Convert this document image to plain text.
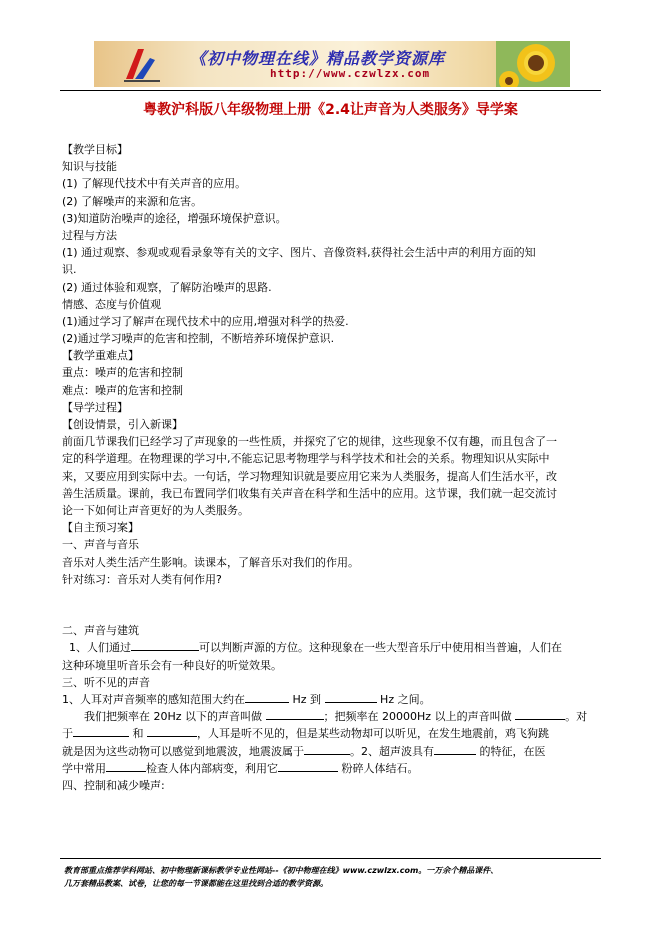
《初中物理在线》精品教学资源库
http://www.czwlzx.com
粤教沪科版八年级物理上册《2.4让声音为人类服务》导学案
【教学目标】
知识与技能
(1) 了解现代技术中有关声音的应用。
(2) 了解噪声的来源和危害。
(3)知道防治噪声的途径，增强环境保护意识。
过程与方法
(1) 通过观察、参观或观看录象等有关的文字、图片、音像资料,获得社会生活中声的利用方面的知
识.
(2) 通过体验和观察，了解防治噪声的思路.
情感、态度与价值观
(1)通过学习了解声在现代技术中的应用,增强对科学的热爱.
(2)通过学习噪声的危害和控制，不断培养环境保护意识.
【教学重难点】
重点：噪声的危害和控制
难点：噪声的危害和控制
【导学过程】
【创设情景，引入新课】
前面几节课我们已经学习了声现象的一些性质，并探究了它的规律，这些现象不仅有趣，而且包含了一
定的科学道理。在物理课的学习中,不能忘记思考物理学与科学技术和社会的关系。物理知识从实际中
来，又要应用到实际中去。一句话，学习物理知识就是要应用它来为人类服务，提高人们生活水平，改
善生活质量。课前，我已布置同学们收集有关声音在科学和生活中的应用。这节课，我们就一起交流讨
论一下如何让声音更好的为人类服务。
【自主预习案】
一、声音与音乐
音乐对人类生活产生影响。读课本，了解音乐对我们的作用。
针对练习：音乐对人类有何作用?
二、声音与建筑
1、人们通过	可以判断声源的方位。这种现象在一些大型音乐厅中使用相当普遍，人们在
这种环境里听音乐会有一种良好的听觉效果。
三、听不见的声音
1、人耳对声音频率的感知范围大约在	Hz 到	Hz 之间。
我们把频率在 20Hz 以下的声音叫做	；把频率在 20000Hz 以上的声音叫做	。对
于	和	，人耳是听不见的，但是某些动物却可以听见，在发生地震前，鸡飞狗跳
就是因为这些动物可以感觉到地震波，地震波属于	。2、超声波具有	的特征，在医
学中常用	检查人体内部病变，利用它	粉碎人体结石。
四、控制和减少噪声:
教育部重点推荐学科网站、初中物理新课标教学专业性网站--《初中物理在线》www.czwlzx.com。一万余个精品课件、
几万套精品教案、试卷，让您的每一节课都能在这里找到合适的教学资源。
